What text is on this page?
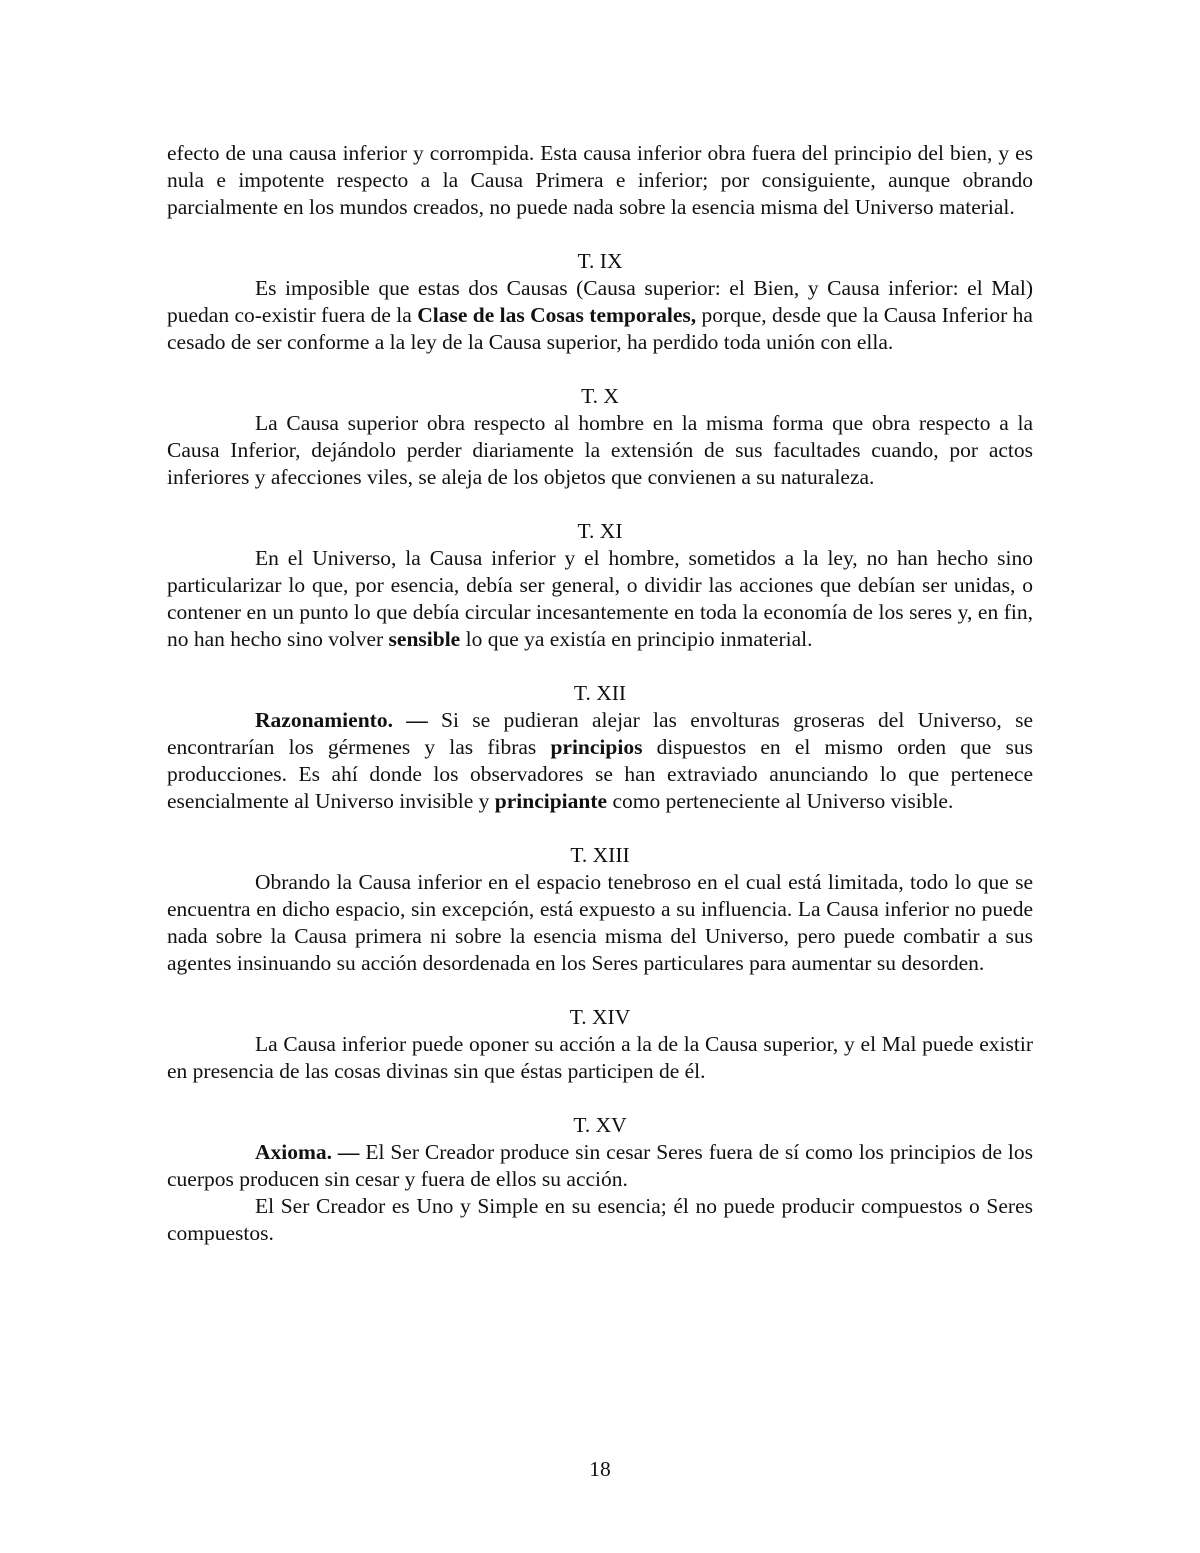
efecto de una causa inferior y corrompida. Esta causa inferior obra fuera del principio del bien, y es nula e impotente respecto a la Causa Primera e inferior; por consiguiente, aunque obrando parcialmente en los mundos creados, no puede nada sobre la esencia misma del Universo material.

T. IX

Es imposible que estas dos Causas (Causa superior: el Bien, y Causa inferior: el Mal) puedan co-existir fuera de la Clase de las Cosas temporales, porque, desde que la Causa Inferior ha cesado de ser conforme a la ley de la Causa superior, ha perdido toda unión con ella.

T. X

La Causa superior obra respecto al hombre en la misma forma que obra respecto a la Causa Inferior, dejándolo perder diariamente la extensión de sus facultades cuando, por actos inferiores y afecciones viles, se aleja de los objetos que convienen a su naturaleza.

T. XI

En el Universo, la Causa inferior y el hombre, sometidos a la ley, no han hecho sino particularizar lo que, por esencia, debía ser general, o dividir las acciones que debían ser unidas, o contener en un punto lo que debía circular incesantemente en toda la economía de los seres y, en fin, no han hecho sino volver sensible lo que ya existía en principio inmaterial.

T. XII

Razonamiento. — Si se pudieran alejar las envolturas groseras del Universo, se encontrarían los gérmenes y las fibras principios dispuestos en el mismo orden que sus producciones. Es ahí donde los observadores se han extraviado anunciando lo que pertenece esencialmente al Universo invisible y principiante como perteneciente al Universo visible.

T. XIII

Obrando la Causa inferior en el espacio tenebroso en el cual está limitada, todo lo que se encuentra en dicho espacio, sin excepción, está expuesto a su influencia. La Causa inferior no puede nada sobre la Causa primera ni sobre la esencia misma del Universo, pero puede combatir a sus agentes insinuando su acción desordenada en los Seres particulares para aumentar su desorden.

T. XIV

La Causa inferior puede oponer su acción a la de la Causa superior, y el Mal puede existir en presencia de las cosas divinas sin que éstas participen de él.

T. XV

Axioma. — El Ser Creador produce sin cesar Seres fuera de sí como los principios de los cuerpos producen sin cesar y fuera de ellos su acción.

El Ser Creador es Uno y Simple en su esencia; él no puede producir compuestos o Seres compuestos.

18
